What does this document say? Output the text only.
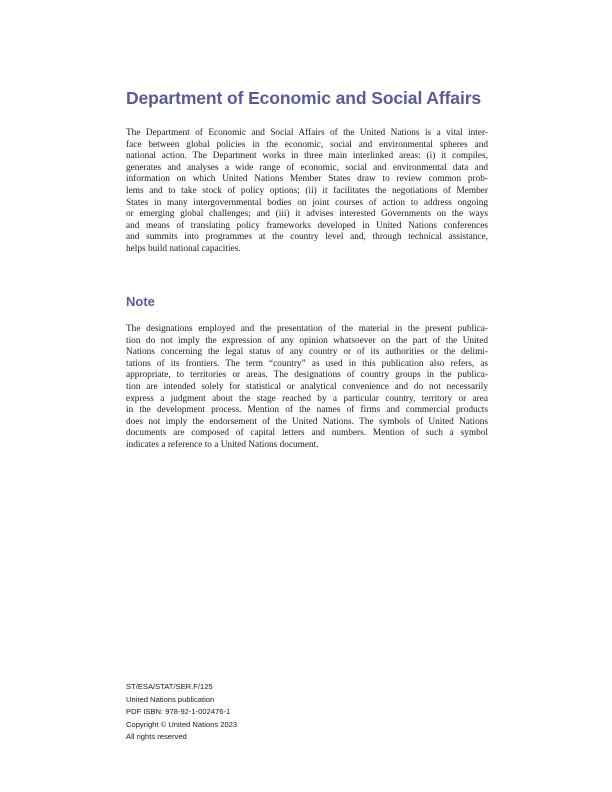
Department of Economic and Social Affairs
The Department of Economic and Social Affairs of the United Nations is a vital inter-
face between global policies in the economic, social and environmental spheres and
national action. The Department works in three main interlinked areas: (i) it compiles,
generates and analyses a wide range of economic, social and environmental data and
information on which United Nations Member States draw to review common prob-
lems and to take stock of policy options; (ii) it facilitates the negotiations of Member
States in many intergovernmental bodies on joint courses of action to address ongoing
or emerging global challenges; and (iii) it advises interested Governments on the ways
and means of translating policy frameworks developed in United Nations conferences
and summits into programmes at the country level and, through technical assistance,
helps build national capacities.
Note
The designations employed and the presentation of the material in the present publica-
tion do not imply the expression of any opinion whatsoever on the part of the United
Nations concerning the legal status of any country or of its authorities or the delimi-
tations of its frontiers. The term “country” as used in this publication also refers, as
appropriate, to territories or areas. The designations of country groups in the publica-
tion are intended solely for statistical or analytical convenience and do not necessarily
express a judgment about the stage reached by a particular country, territory or area
in the development process. Mention of the names of firms and commercial products
does not imply the endorsement of the United Nations. The symbols of United Nations
documents are composed of capital letters and numbers. Mention of such a symbol
indicates a reference to a United Nations document.
ST/ESA/STAT/SER.F/125
United Nations publication
PDF ISBN: 978-92-1-002476-1
Copyright © United Nations 2023
All rights reserved
